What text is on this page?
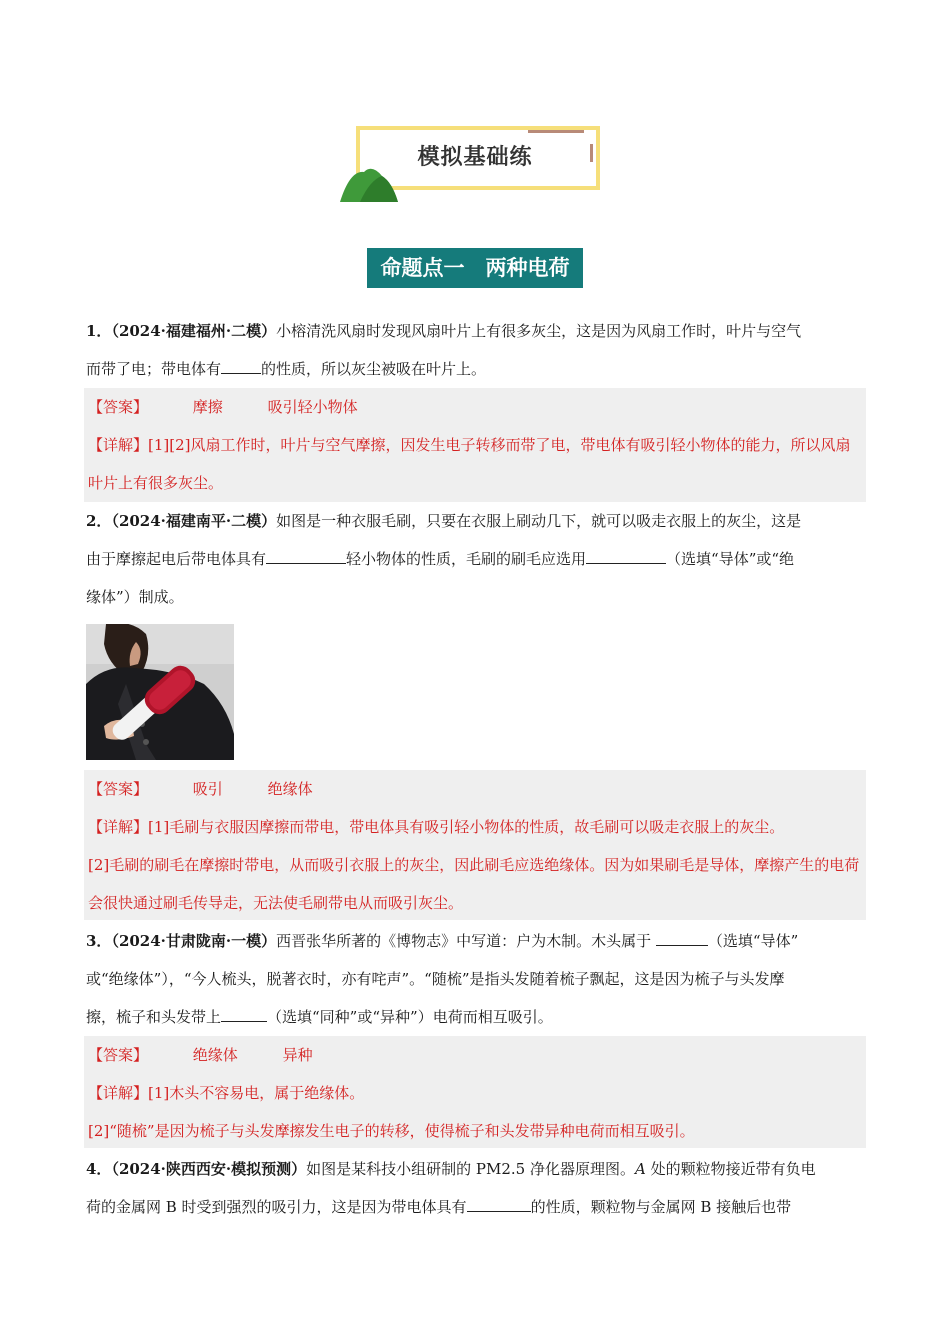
模拟基础练
命题点一　两种电荷

1．（2024·福建福州·二模）小榕清洗风扇时发现风扇叶片上有很多灰尘，这是因为风扇工作时，叶片与空气
而带了电；带电体有	的性质，所以灰尘被吸在叶片上。

【答案】	摩擦	吸引轻小物体

【详解】[1][2]风扇工作时，叶片与空气摩擦，因发生电子转移而带了电，带电体有吸引轻小物体的能力，所以风扇叶片上有很多灰尘。

2．（2024·福建南平·二模）如图是一种衣服毛刷，只要在衣服上刷动几下，就可以吸走衣服上的灰尘，这是
由于摩擦起电后带电体具有	轻小物体的性质，毛刷的刷毛应选用	（选填“导体”或“绝
缘体”）制成。

【答案】	吸引	绝缘体

【详解】[1]毛刷与衣服因摩擦而带电，带电体具有吸引轻小物体的性质，故毛刷可以吸走衣服上的灰尘。

[2]毛刷的刷毛在摩擦时带电，从而吸引衣服上的灰尘，因此刷毛应选绝缘体。因为如果刷毛是导体，摩擦产生的电荷会很快通过刷毛传导走，无法使毛刷带电从而吸引灰尘。

3．（2024·甘肃陇南·一模）西晋张华所著的《博物志》中写道：户为木制。木头属于	（选填“导体”
或“绝缘体”），“今人梳头，脱著衣时，亦有咤声”。“随梳”是指头发随着梳子飘起，这是因为梳子与头发摩
擦，梳子和头发带上	（选填“同种”或“异种”）电荷而相互吸引。

【答案】	绝缘体	异种

【详解】[1]木头不容易电，属于绝缘体。

[2]“随梳”是因为梳子与头发摩擦发生电子的转移，使得梳子和头发带异种电荷而相互吸引。

4．（2024·陕西西安·模拟预测）如图是某科技小组研制的 PM2.5 净化器原理图。A 处的颗粒物接近带有负电
荷的金属网 B 时受到强烈的吸引力，这是因为带电体具有	的性质，颗粒物与金属网 B 接触后也带
